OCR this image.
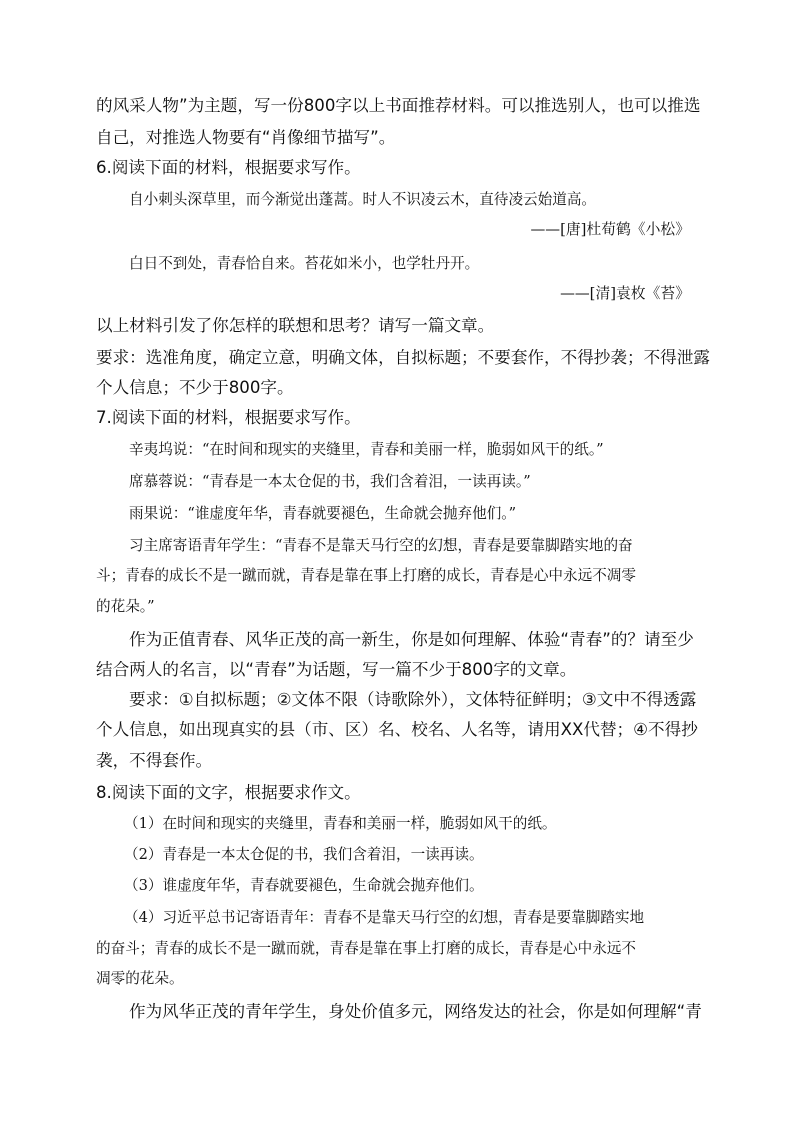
的风采人物”为主题，写一份800字以上书面推荐材料。可以推选别人，也可以推选
自己，对推选人物要有“肖像细节描写”。
6.阅读下面的材料，根据要求写作。
自小刺头深草里，而今渐觉出蓬蒿。时人不识凌云木，直待凌云始道高。
——[唐]杜荀鹤《小松》
白日不到处，青春恰自来。苔花如米小，也学牡丹开。
——[清]袁枚《苔》
以上材料引发了你怎样的联想和思考？请写一篇文章。
要求：选准角度，确定立意，明确文体，自拟标题；不要套作，不得抄袭；不得泄露
个人信息；不少于800字。
7.阅读下面的材料，根据要求写作。
辛夷坞说：“在时间和现实的夹缝里，青春和美丽一样，脆弱如风干的纸。”
席慕蓉说：“青春是一本太仓促的书，我们含着泪，一读再读。”
雨果说：“谁虚度年华，青春就要褪色，生命就会抛弃他们。”
习主席寄语青年学生：“青春不是靠天马行空的幻想，青春是要靠脚踏实地的奋
斗；青春的成长不是一蹴而就，青春是靠在事上打磨的成长，青春是心中永远不凋零
的花朵。”
作为正值青春、风华正茂的高一新生，你是如何理解、体验“青春”的？请至少
结合两人的名言，以“青春”为话题，写一篇不少于800字的文章。
要求：①自拟标题；②文体不限（诗歌除外），文体特征鲜明；③文中不得透露
个人信息，如出现真实的县（市、区）名、校名、人名等，请用XX代替；④不得抄
袭，不得套作。
8.阅读下面的文字，根据要求作文。
（1）在时间和现实的夹缝里，青春和美丽一样，脆弱如风干的纸。
（2）青春是一本太仓促的书，我们含着泪，一读再读。
（3）谁虚度年华，青春就要褪色，生命就会抛弃他们。
（4）习近平总书记寄语青年：青春不是靠天马行空的幻想，青春是要靠脚踏实地
的奋斗；青春的成长不是一蹴而就，青春是靠在事上打磨的成长，青春是心中永远不
凋零的花朵。
作为风华正茂的青年学生，身处价值多元，网络发达的社会，你是如何理解“青
